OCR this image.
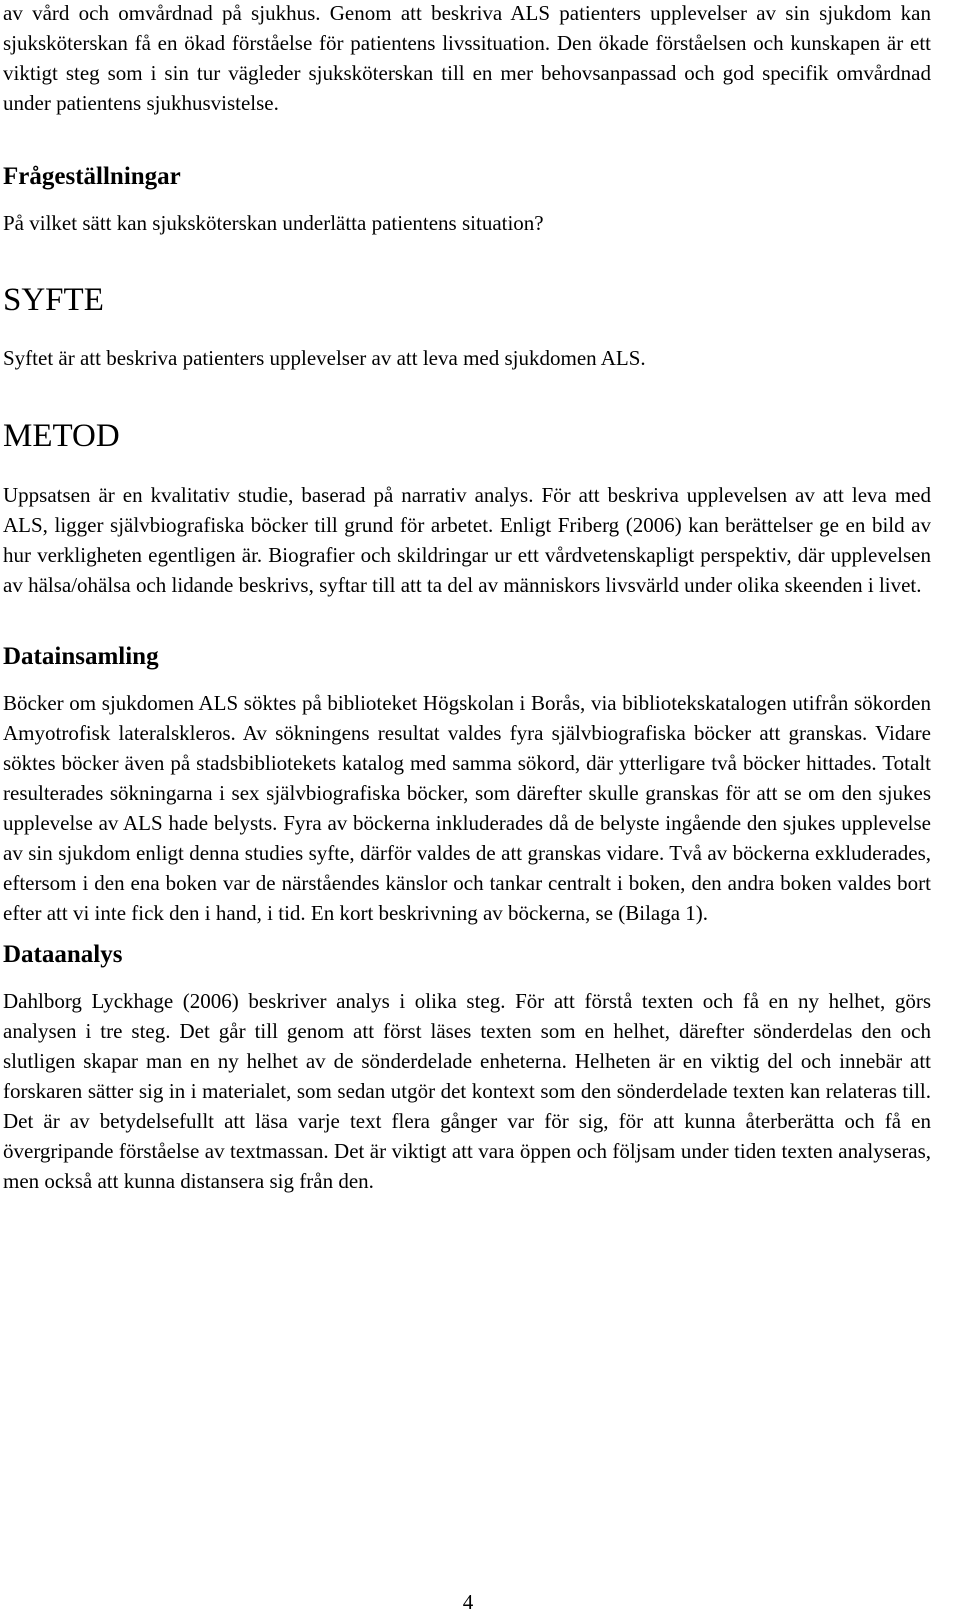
av vård och omvårdnad på sjukhus. Genom att beskriva ALS patienters upplevelser av sin sjukdom kan sjuksköterskan få en ökad förståelse för patientens livssituation. Den ökade förståelsen och kunskapen är ett viktigt steg som i sin tur vägleder sjuksköterskan till en mer behovsanpassad och god specifik omvårdnad under patientens sjukhusvistelse.

Frågeställningar

På vilket sätt kan sjuksköterskan underlätta patientens situation?

SYFTE

Syftet är att beskriva patienters upplevelser av att leva med sjukdomen ALS.

METOD

Uppsatsen är en kvalitativ studie, baserad på narrativ analys. För att beskriva upplevelsen av att leva med ALS, ligger självbiografiska böcker till grund för arbetet. Enligt Friberg (2006) kan berättelser ge en bild av hur verkligheten egentligen är. Biografier och skildringar ur ett vårdvetenskapligt perspektiv, där upplevelsen av hälsa/ohälsa och lidande beskrivs, syftar till att ta del av människors livsvärld under olika skeenden i livet.

Datainsamling

Böcker om sjukdomen ALS söktes på biblioteket Högskolan i Borås, via bibliotekskatalogen utifrån sökorden Amyotrofisk lateralskleros. Av sökningens resultat valdes fyra självbiografiska böcker att granskas. Vidare söktes böcker även på stadsbibliotekets katalog med samma sökord, där ytterligare två böcker hittades. Totalt resulterades sökningarna i sex självbiografiska böcker, som därefter skulle granskas för att se om den sjukes upplevelse av ALS hade belysts. Fyra av böckerna inkluderades då de belyste ingående den sjukes upplevelse av sin sjukdom enligt denna studies syfte, därför valdes de att granskas vidare. Två av böckerna exkluderades, eftersom i den ena boken var de närståendes känslor och tankar centralt i boken, den andra boken valdes bort efter att vi inte fick den i hand, i tid. En kort beskrivning av böckerna, se (Bilaga 1).

Dataanalys

Dahlborg Lyckhage (2006) beskriver analys i olika steg. För att förstå texten och få en ny helhet, görs analysen i tre steg. Det går till genom att först läses texten som en helhet, därefter sönderdelas den och slutligen skapar man en ny helhet av de sönderdelade enheterna. Helheten är en viktig del och innebär att forskaren sätter sig in i materialet, som sedan utgör det kontext som den sönderdelade texten kan relateras till. Det är av betydelsefullt att läsa varje text flera gånger var för sig, för att kunna återberätta och få en övergripande förståelse av textmassan. Det är viktigt att vara öppen och följsam under tiden texten analyseras, men också att kunna distansera sig från den.

4
